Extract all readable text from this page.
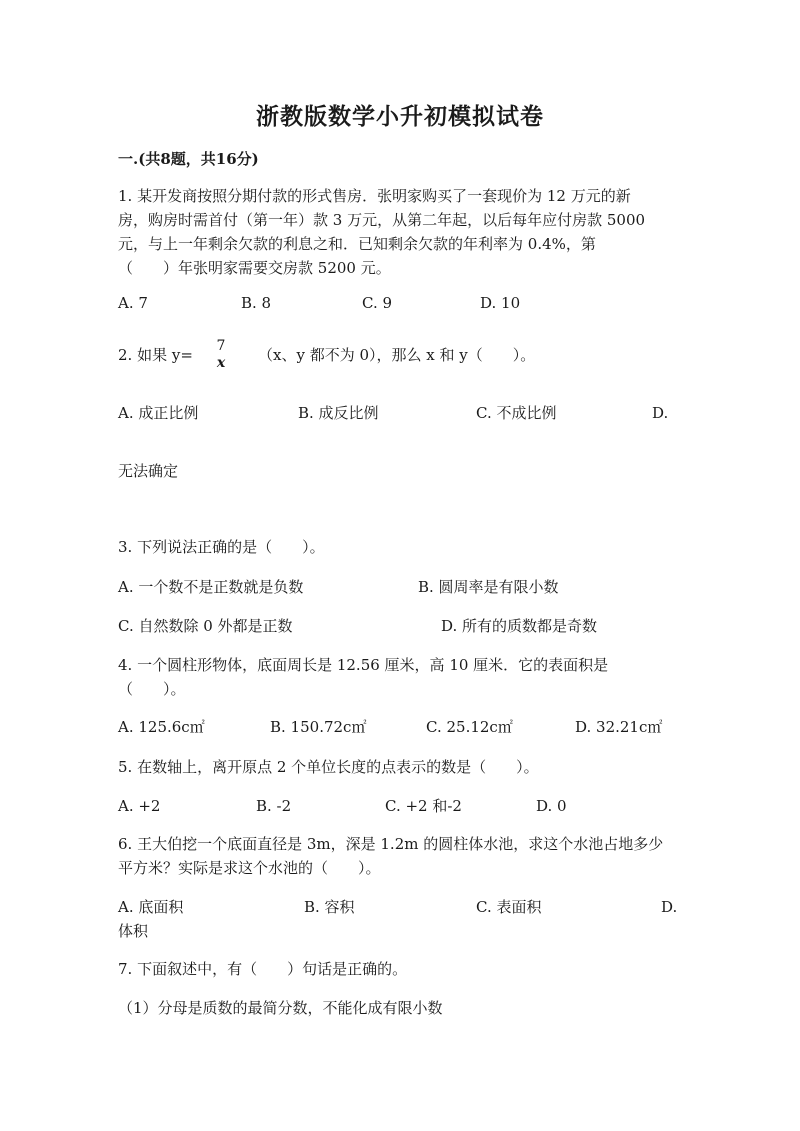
浙教版数学小升初模拟试卷
一.(共8题，共16分)
1. 某开发商按照分期付款的形式售房．张明家购买了一套现价为 12 万元的新
房，购房时需首付（第一年）款 3 万元，从第二年起，以后每年应付房款 5000
元，与上一年剩余欠款的利息之和．已知剩余欠款的年利率为 0.4%，第
（　　）年张明家需要交房款 5200 元。
A. 7	B. 8	C. 9	D. 10
2. 如果 y= 7
x （x、y 都不为 0），那么 x 和 y（　　）。
A. 成正比例	B. 成反比例	C. 不成比例	D.
无法确定
3. 下列说法正确的是（　　）。
A. 一个数不是正数就是负数	B. 圆周率是有限小数
C. 自然数除 0 外都是正数	D. 所有的质数都是奇数
4. 一个圆柱形物体，底面周长是 12.56 厘米，高 10 厘米．它的表面积是
（　　）。
A. 125.6c㎡	B. 150.72c㎡	C. 25.12c㎡	D. 32.21c㎡
5. 在数轴上，离开原点 2 个单位长度的点表示的数是（　　）。
A. +2	B. -2	C. +2 和-2	D. 0
6. 王大伯挖一个底面直径是 3m，深是 1.2m 的圆柱体水池，求这个水池占地多少
平方米？实际是求这个水池的（　　）。
A. 底面积	B. 容积	C. 表面积	D.
体积
7. 下面叙述中，有（　　）句话是正确的。
（1）分母是质数的最简分数，不能化成有限小数
